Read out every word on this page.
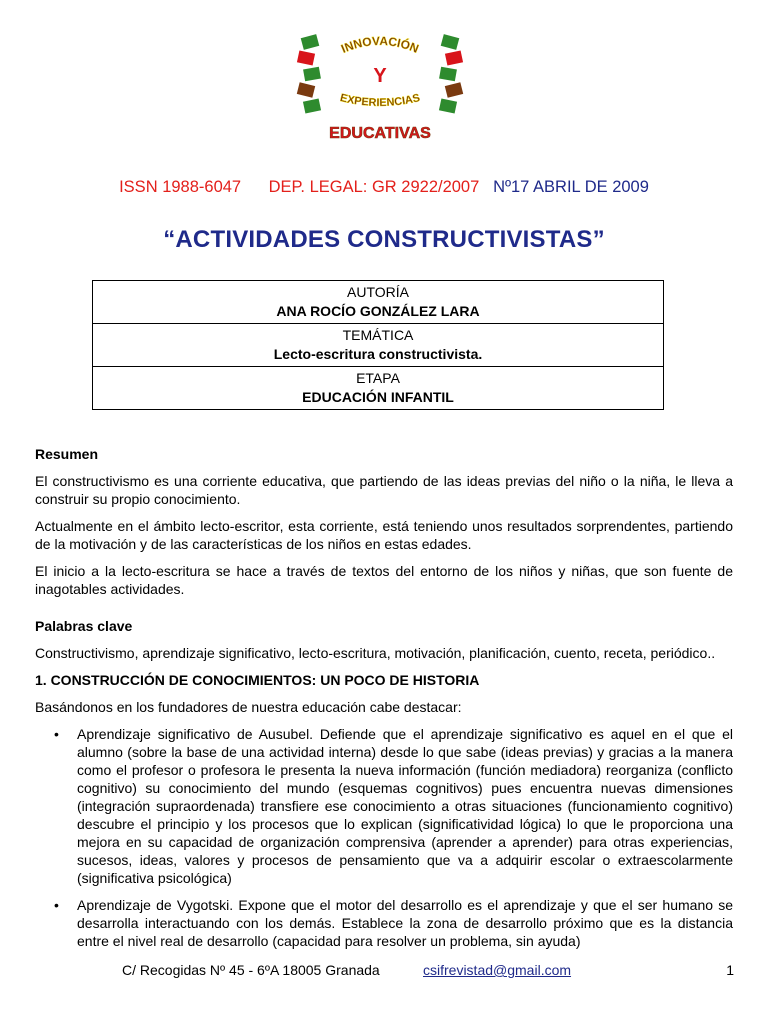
INNOVACIÓN
Y
EXPERIENCIAS
EDUCATIVAS
ISSN 1988-6047 DEP. LEGAL: GR 2922/2007 Nº17 ABRIL DE 2009
“ACTIVIDADES CONSTRUCTIVISTAS”
AUTORÍA
ANA ROCÍO GONZÁLEZ LARA

TEMÁTICA
Lecto-escritura constructivista.

ETAPA
EDUCACIÓN INFANTIL
Resumen

El constructivismo es una corriente educativa, que partiendo de las ideas previas del niño o la niña, le lleva a construir su propio conocimiento.

Actualmente en el ámbito lecto-escritor, esta corriente, está teniendo unos resultados sorprendentes, partiendo de la motivación y de las características de los niños en estas edades.

El inicio a la lecto-escritura se hace a través de textos del entorno de los niños y niñas, que son fuente de inagotables actividades.

Palabras clave

Constructivismo, aprendizaje significativo, lecto-escritura, motivación, planificación, cuento, receta, periódico..

1. CONSTRUCCIÓN DE CONOCIMIENTOS: UN POCO DE HISTORIA

Basándonos en los fundadores de nuestra educación cabe destacar:

• Aprendizaje significativo de Ausubel. Defiende que el aprendizaje significativo es aquel en el que el alumno (sobre la base de una actividad interna) desde lo que sabe (ideas previas) y gracias a la manera como el profesor o profesora le presenta la nueva información (función mediadora) reorganiza (conflicto cognitivo) su conocimiento del mundo (esquemas cognitivos) pues encuentra nuevas dimensiones (integración supraordenada) transfiere ese conocimiento a otras situaciones (funcionamiento cognitivo) descubre el principio y los procesos que lo explican (significatividad lógica) lo que le proporciona una mejora en su capacidad de organización comprensiva (aprender a aprender) para otras experiencias, sucesos, ideas, valores y procesos de pensamiento que va a adquirir escolar o extraescolarmente (significativa psicológica)
• Aprendizaje de Vygotski. Expone que el motor del desarrollo es el aprendizaje y que el ser humano se desarrolla interactuando con los demás. Establece la zona de desarrollo próximo que es la distancia entre el nivel real de desarrollo (capacidad para resolver un problema, sin ayuda)
C/ Recogidas Nº 45 - 6ºA 18005 Granada	csifrevistad@gmail.com	1
